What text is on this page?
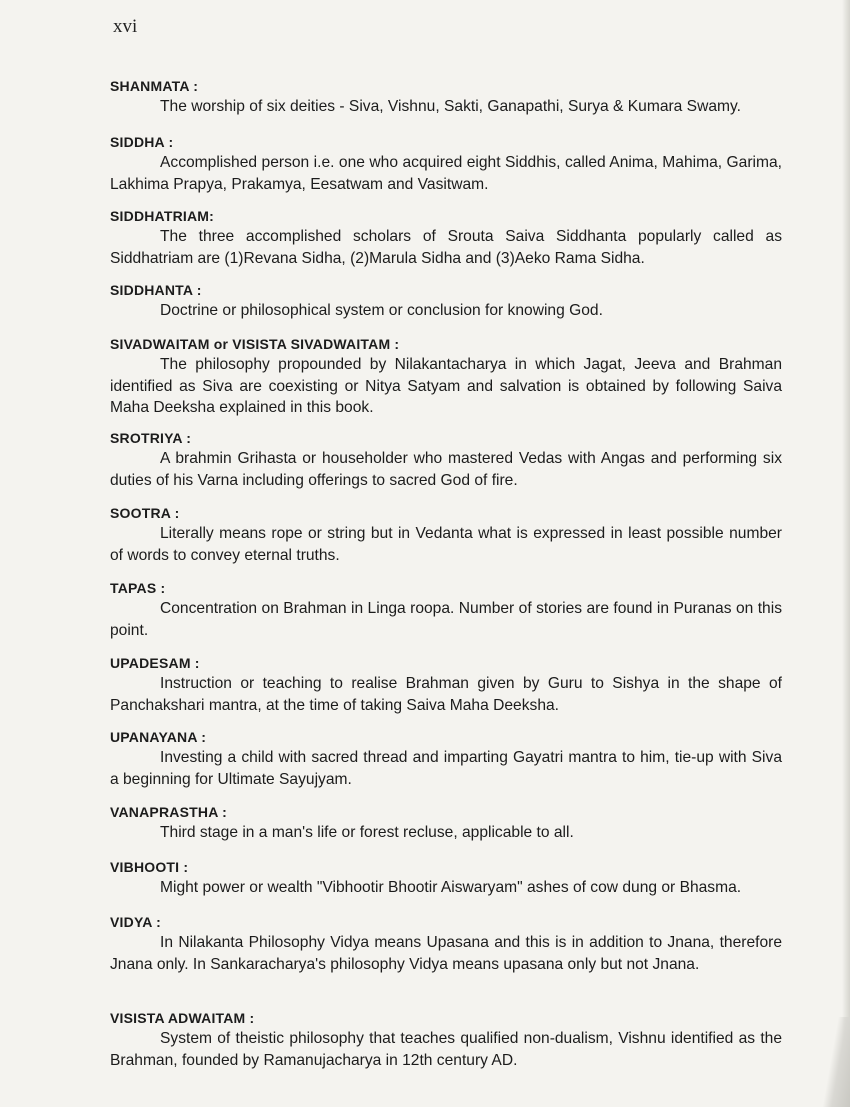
xvi
SHANMATA :
The worship of six deities - Siva, Vishnu, Sakti, Ganapathi, Surya & Kumara Swamy.
SIDDHA :
Accomplished person i.e. one who acquired eight Siddhis, called Anima, Mahima, Garima, Lakhima Prapya, Prakamya, Eesatwam and Vasitwam.
SIDDHATRIAM:
The three accomplished scholars of Srouta Saiva Siddhanta popularly called as Siddhatriam are (1)Revana Sidha, (2)Marula Sidha and (3)Aeko Rama Sidha.
SIDDHANTA :
Doctrine or philosophical system or conclusion for knowing God.
SIVADWAITAM or VISISTA SIVADWAITAM :
The philosophy propounded by Nilakantacharya in which Jagat, Jeeva and Brahman identified as Siva are coexisting or Nitya Satyam and salvation is obtained by following Saiva Maha Deeksha explained in this book.
SROTRIYA :
A brahmin Grihasta or householder who mastered Vedas with Angas and performing six duties of his Varna including offerings to sacred God of fire.
SOOTRA :
Literally means rope or string but in Vedanta what is expressed in least possible number of words to convey eternal truths.
TAPAS :
Concentration on Brahman in Linga roopa. Number of stories are found in Puranas on this point.
UPADESAM :
Instruction or teaching to realise Brahman given by Guru to Sishya in the shape of Panchakshari mantra, at the time of taking Saiva Maha Deeksha.
UPANAYANA :
Investing a child with sacred thread and imparting Gayatri mantra to him, tie-up with Siva a beginning for Ultimate Sayujyam.
VANAPRASTHA :
Third stage in a man's life or forest recluse, applicable to all.
VIBHOOTI :
Might power or wealth "Vibhootir Bhootir Aiswaryam" ashes of cow dung or Bhasma.
VIDYA :
In Nilakanta Philosophy Vidya means Upasana and this is in addition to Jnana, therefore Jnana only. In Sankaracharya's philosophy Vidya means upasana only but not Jnana.
VISISTA ADWAITAM :
System of theistic philosophy that teaches qualified non-dualism, Vishnu identified as the Brahman, founded by Ramanujacharya in 12th century AD.
